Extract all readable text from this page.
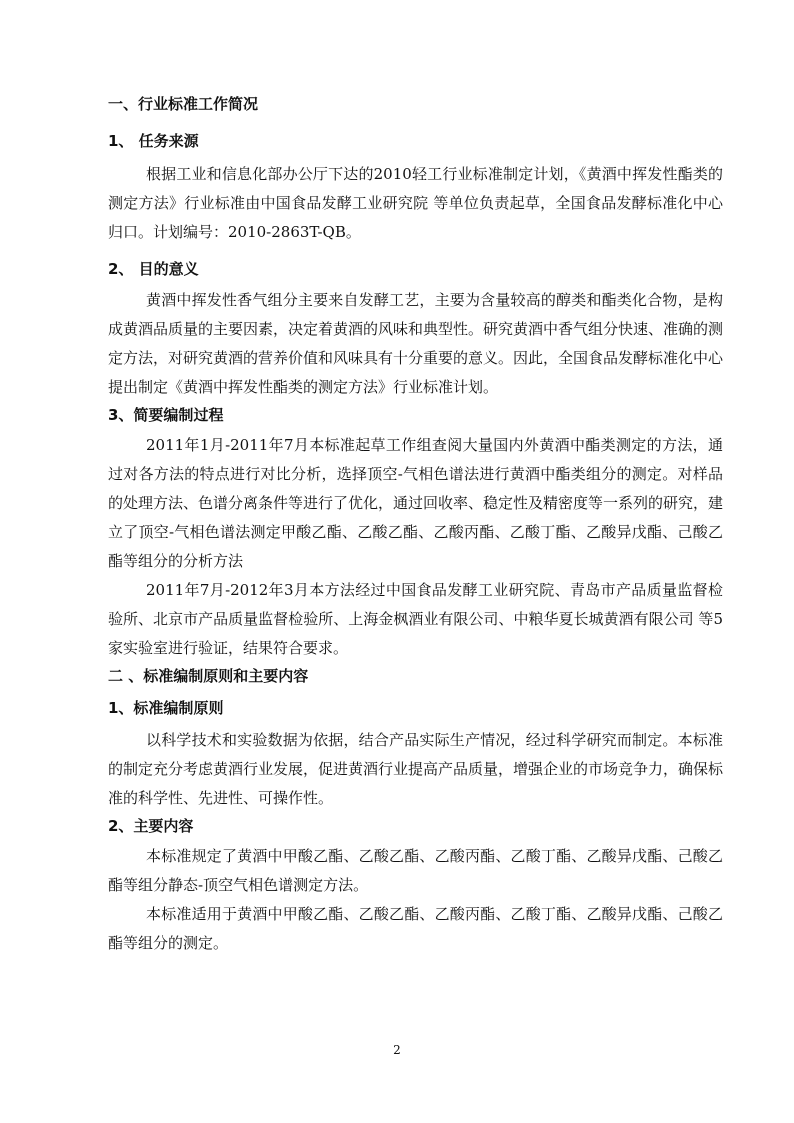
一、行业标准工作简况
1、 任务来源

根据工业和信息化部办公厅下达的2010轻工行业标准制定计划，《黄酒中挥发性酯类的测定方法》行业标准由中国食品发酵工业研究院 等单位负责起草，全国食品发酵标准化中心归口。计划编号：2010-2863T-QB。

2、 目的意义

黄酒中挥发性香气组分主要来自发酵工艺，主要为含量较高的醇类和酯类化合物，是构成黄酒品质量的主要因素，决定着黄酒的风味和典型性。研究黄酒中香气组分快速、准确的测定方法，对研究黄酒的营养价值和风味具有十分重要的意义。因此，全国食品发酵标准化中心提出制定《黄酒中挥发性酯类的测定方法》行业标准计划。

3、简要编制过程

2011年1月-2011年7月本标准起草工作组查阅大量国内外黄酒中酯类测定的方法，通过对各方法的特点进行对比分析，选择顶空-气相色谱法进行黄酒中酯类组分的测定。对样品的处理方法、色谱分离条件等进行了优化，通过回收率、稳定性及精密度等一系列的研究，建立了顶空-气相色谱法测定甲酸乙酯、乙酸乙酯、乙酸丙酯、乙酸丁酯、乙酸异戊酯、己酸乙酯等组分的分析方法

2011年7月-2012年3月本方法经过中国食品发酵工业研究院、青岛市产品质量监督检验所、北京市产品质量监督检验所、上海金枫酒业有限公司、中粮华夏长城黄酒有限公司 等5家实验室进行验证，结果符合要求。

二 、标准编制原则和主要内容
1、标准编制原则

以科学技术和实验数据为依据，结合产品实际生产情况，经过科学研究而制定。本标准的制定充分考虑黄酒行业发展，促进黄酒行业提高产品质量，增强企业的市场竞争力，确保标准的科学性、先进性、可操作性。

2、主要内容

本标准规定了黄酒中甲酸乙酯、乙酸乙酯、乙酸丙酯、乙酸丁酯、乙酸异戊酯、己酸乙酯等组分静态-顶空气相色谱测定方法。

本标准适用于黄酒中甲酸乙酯、乙酸乙酯、乙酸丙酯、乙酸丁酯、乙酸异戊酯、己酸乙酯等组分的测定。

2
